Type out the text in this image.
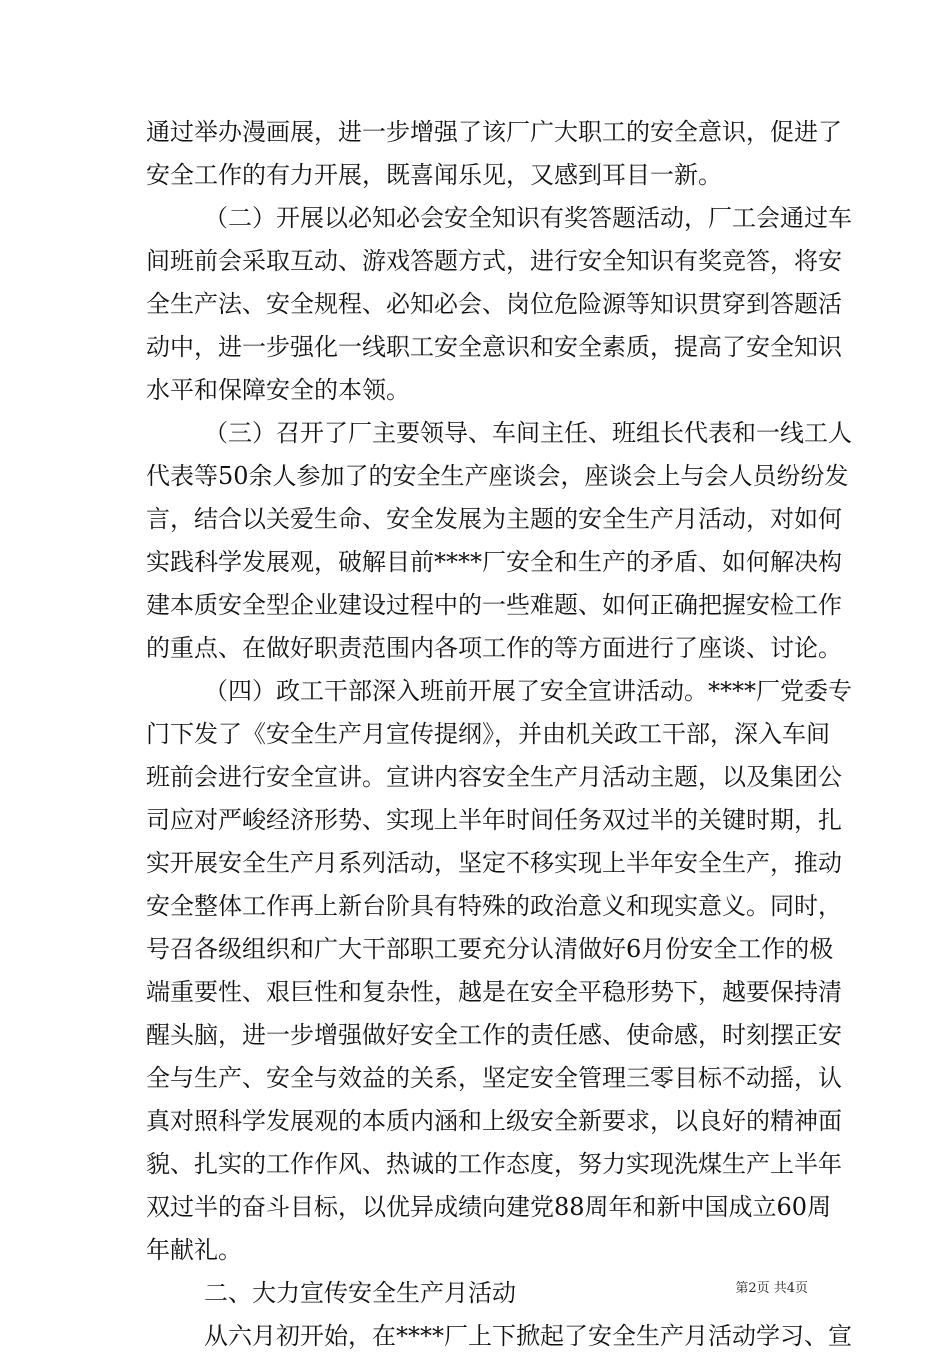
通过举办漫画展，进一步增强了该厂广大职工的安全意识，促进了
安全工作的有力开展，既喜闻乐见，又感到耳目一新。
（二）开展以必知必会安全知识有奖答题活动，厂工会通过车
间班前会采取互动、游戏答题方式，进行安全知识有奖竞答，将安
全生产法、安全规程、必知必会、岗位危险源等知识贯穿到答题活
动中，进一步强化一线职工安全意识和安全素质，提高了安全知识
水平和保障安全的本领。
（三）召开了厂主要领导、车间主任、班组长代表和一线工人
代表等50余人参加了的安全生产座谈会，座谈会上与会人员纷纷发
言，结合以关爱生命、安全发展为主题的安全生产月活动，对如何
实践科学发展观，破解目前****厂安全和生产的矛盾、如何解决构
建本质安全型企业建设过程中的一些难题、如何正确把握安检工作
的重点、在做好职责范围内各项工作的等方面进行了座谈、讨论。
（四）政工干部深入班前开展了安全宣讲活动。****厂党委专
门下发了《安全生产月宣传提纲》，并由机关政工干部，深入车间
班前会进行安全宣讲。宣讲内容安全生产月活动主题，以及集团公
司应对严峻经济形势、实现上半年时间任务双过半的关键时期，扎
实开展安全生产月系列活动，坚定不移实现上半年安全生产，推动
安全整体工作再上新台阶具有特殊的政治意义和现实意义。同时，
号召各级组织和广大干部职工要充分认清做好6月份安全工作的极
端重要性、艰巨性和复杂性，越是在安全平稳形势下，越要保持清
醒头脑，进一步增强做好安全工作的责任感、使命感，时刻摆正安
全与生产、安全与效益的关系，坚定安全管理三零目标不动摇，认
真对照科学发展观的本质内涵和上级安全新要求，以良好的精神面
貌、扎实的工作作风、热诚的工作态度，努力实现洗煤生产上半年
双过半的奋斗目标，以优异成绩向建党88周年和新中国成立60周
年献礼。
二、大力宣传安全生产月活动
从六月初开始，在****厂上下掀起了安全生产月活动学习、宣
第2页 共4页
